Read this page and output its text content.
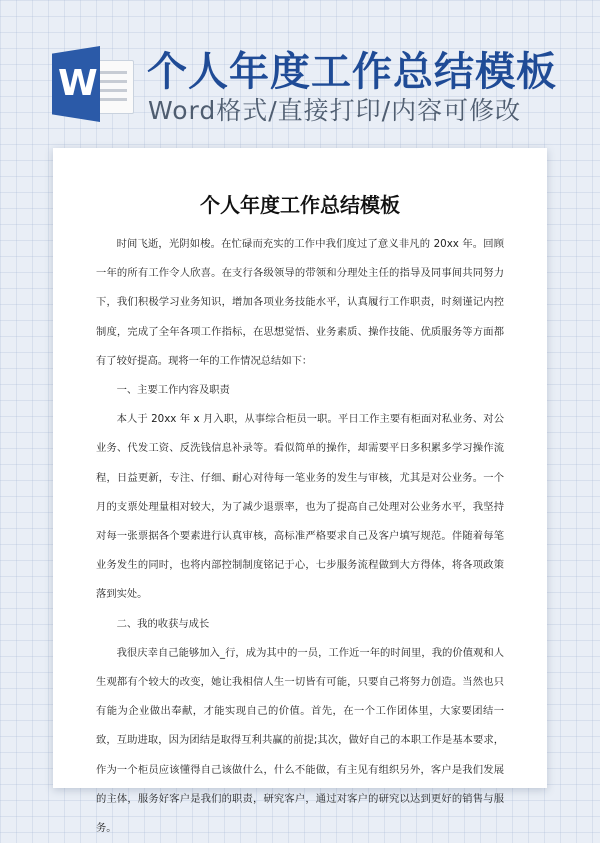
W 个人年度工作总结模板
Word格式/直接打印/内容可修改
个人年度工作总结模板

时间飞逝，光阴如梭。在忙碌而充实的工作中我们度过了意义非凡的 20xx 年。回顾一年的所有工作令人欣喜。在支行各级领导的带领和分理处主任的指导及同事间共同努力下，我们积极学习业务知识，增加各项业务技能水平，认真履行工作职责，时刻谨记内控制度，完成了全年各项工作指标，在思想觉悟、业务素质、操作技能、优质服务等方面都有了较好提高。现将一年的工作情况总结如下：

一、主要工作内容及职责

本人于 20xx 年 x 月入职，从事综合柜员一职。平日工作主要有柜面对私业务、对公业务、代发工资、反洗钱信息补录等。看似简单的操作，却需要平日多积累多学习操作流程，日益更新，专注、仔细、耐心对待每一笔业务的发生与审核，尤其是对公业务。一个月的支票处理量相对较大，为了减少退票率，也为了提高自己处理对公业务水平，我坚持对每一张票据各个要素进行认真审核，高标准严格要求自己及客户填写规范。伴随着每笔业务发生的同时，也将内部控制制度铭记于心，七步服务流程做到大方得体，将各项政策落到实处。

二、我的收获与成长

我很庆幸自己能够加入_行，成为其中的一员，工作近一年的时间里，我的价值观和人生观都有个较大的改变，她让我相信人生一切皆有可能，只要自己将努力创造。当然也只有能为企业做出奉献，才能实现自己的价值。首先，在一个工作团体里，大家要团结一致，互助进取，因为团结是取得互利共赢的前提;其次，做好自己的本职工作是基本要求，作为一个柜员应该懂得自己该做什么，什么不能做，有主见有组织另外，客户是我们发展的主体，服务好客户是我们的职责，研究客户，通过对客户的研究以达到更好的销售与服务。
